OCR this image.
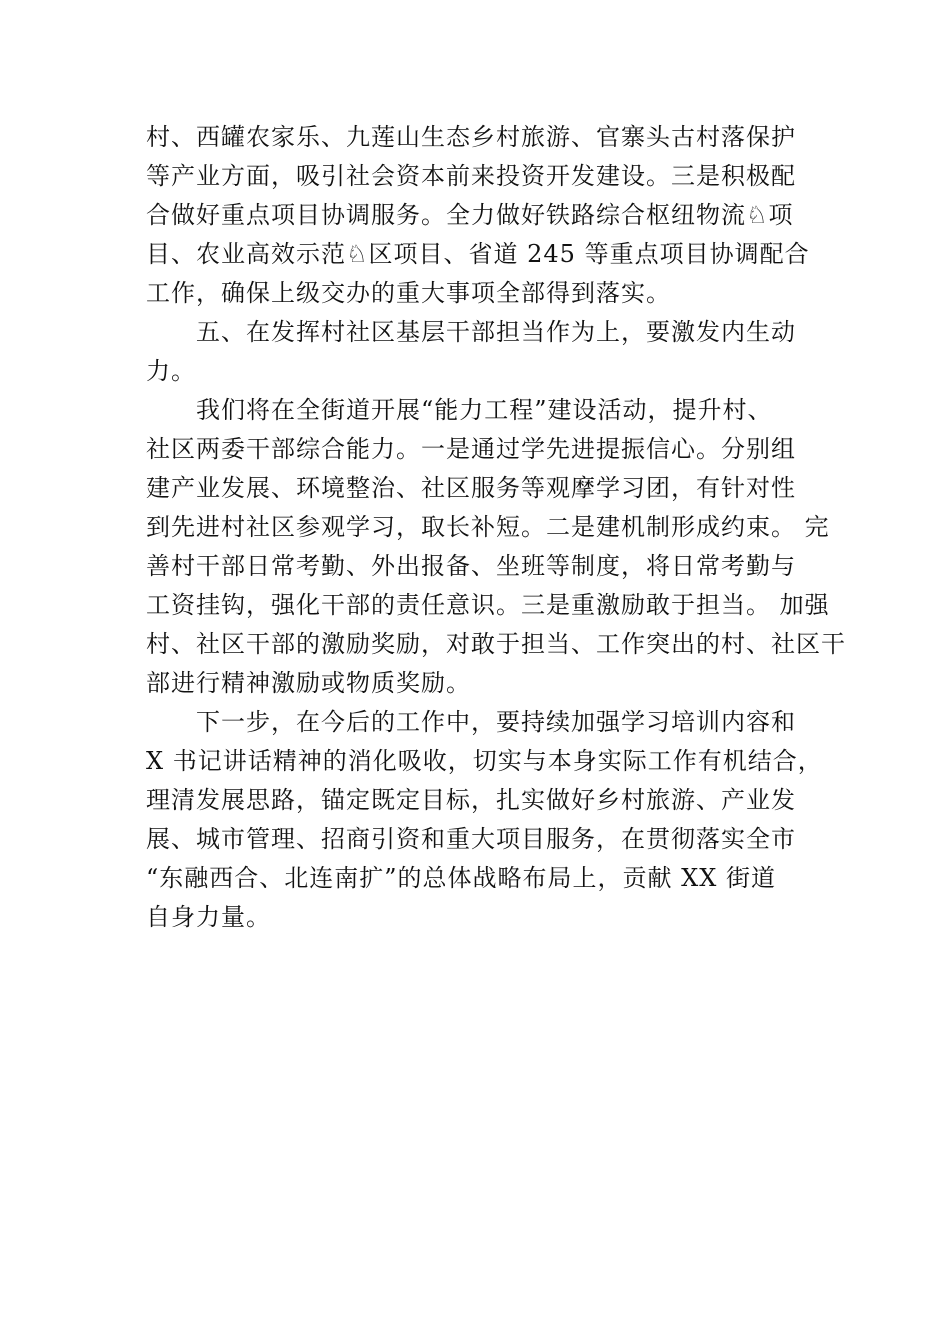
村、西罐农家乐、九莲山生态乡村旅游、官寨头古村落保护
等产业方面，吸引社会资本前来投资开发建设。三是积极配
合做好重点项目协调服务。全力做好铁路综合枢纽物流♘项
目、农业高效示范♘区项目、省道 245 等重点项目协调配合
工作，确保上级交办的重大事项全部得到落实。
五、在发挥村社区基层干部担当作为上，要激发内生动
力。
我们将在全街道开展“能力工程”建设活动，提升村、
社区两委干部综合能力。一是通过学先进提振信心。分别组
建产业发展、环境整治、社区服务等观摩学习团，有针对性
到先进村社区参观学习，取长补短。二是建机制形成约束。 完
善村干部日常考勤、外出报备、坐班等制度，将日常考勤与
工资挂钩，强化干部的责任意识。三是重激励敢于担当。 加强
村、社区干部的激励奖励，对敢于担当、工作突出的村、社区干
部进行精神激励或物质奖励。
下一步，在今后的工作中，要持续加强学习培训内容和
X 书记讲话精神的消化吸收，切实与本身实际工作有机结合，
理清发展思路，锚定既定目标，扎实做好乡村旅游、产业发
展、城市管理、招商引资和重大项目服务，在贯彻落实全市
“东融西合、北连南扩”的总体战略布局上，贡献 XX 街道
自身力量。
